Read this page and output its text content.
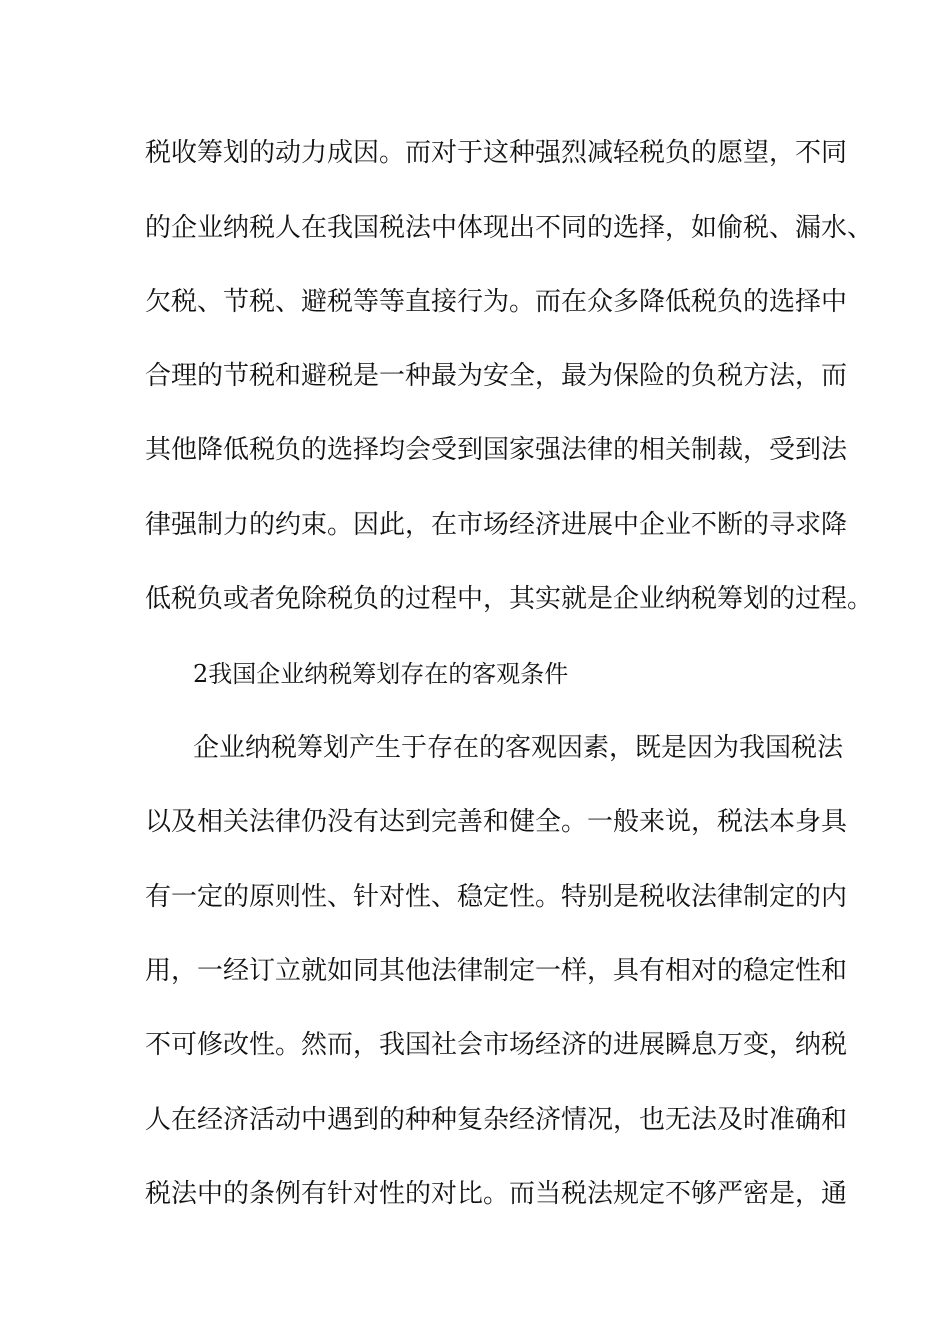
税收筹划的动力成因。而对于这种强烈减轻税负的愿望，不同
的企业纳税人在我国税法中体现出不同的选择，如偷税、漏水、
欠税、节税、避税等等直接行为。而在众多降低税负的选择中
合理的节税和避税是一种最为安全，最为保险的负税方法，而
其他降低税负的选择均会受到国家强法律的相关制裁，受到法
律强制力的约束。因此，在市场经济进展中企业不断的寻求降
低税负或者免除税负的过程中，其实就是企业纳税筹划的过程。
2我国企业纳税筹划存在的客观条件
企业纳税筹划产生于存在的客观因素，既是因为我国税法
以及相关法律仍没有达到完善和健全。一般来说，税法本身具
有一定的原则性、针对性、稳定性。特别是税收法律制定的内
用，一经订立就如同其他法律制定一样，具有相对的稳定性和
不可修改性。然而，我国社会市场经济的进展瞬息万变，纳税
人在经济活动中遇到的种种复杂经济情况，也无法及时准确和
税法中的条例有针对性的对比。而当税法规定不够严密是，通
